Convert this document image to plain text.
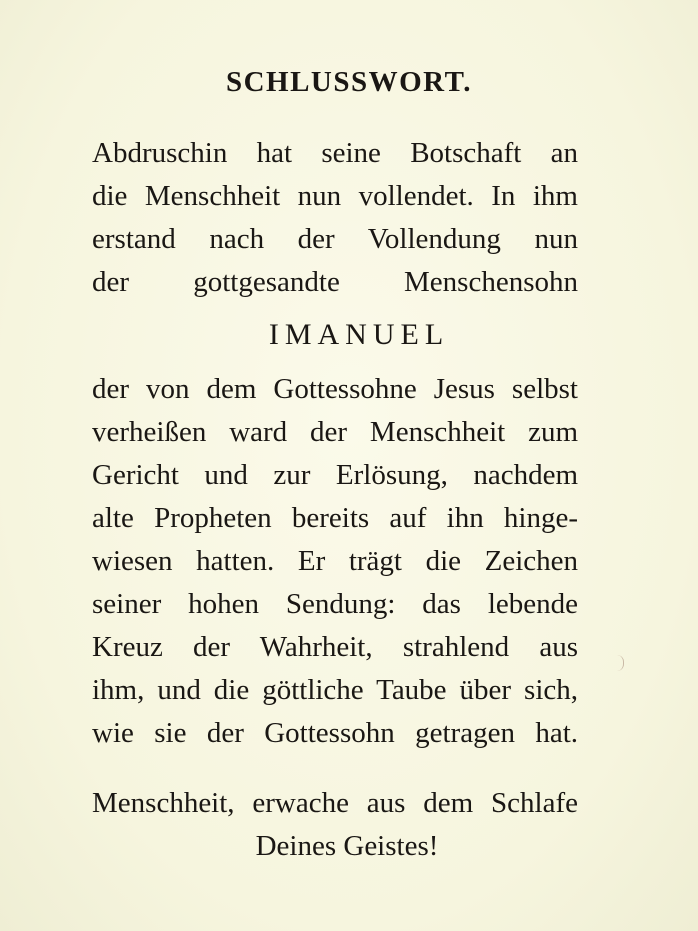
SCHLUSSWORT.
Abdruschin hat seine Botschaft an
die Menschheit nun vollendet. In ihm
erstand nach der Vollendung nun
der gottgesandte Menschensohn
IMANUEL
der von dem Gottessohne Jesus selbst
verheißen ward der Menschheit zum
Gericht und zur Erlösung, nachdem
alte Propheten bereits auf ihn hinge-
wiesen hatten. Er trägt die Zeichen
seiner hohen Sendung: das lebende
Kreuz der Wahrheit, strahlend aus
ihm, und die göttliche Taube über sich,
wie sie der Gottessohn getragen hat.
Menschheit, erwache aus dem Schlafe
Deines Geistes!
